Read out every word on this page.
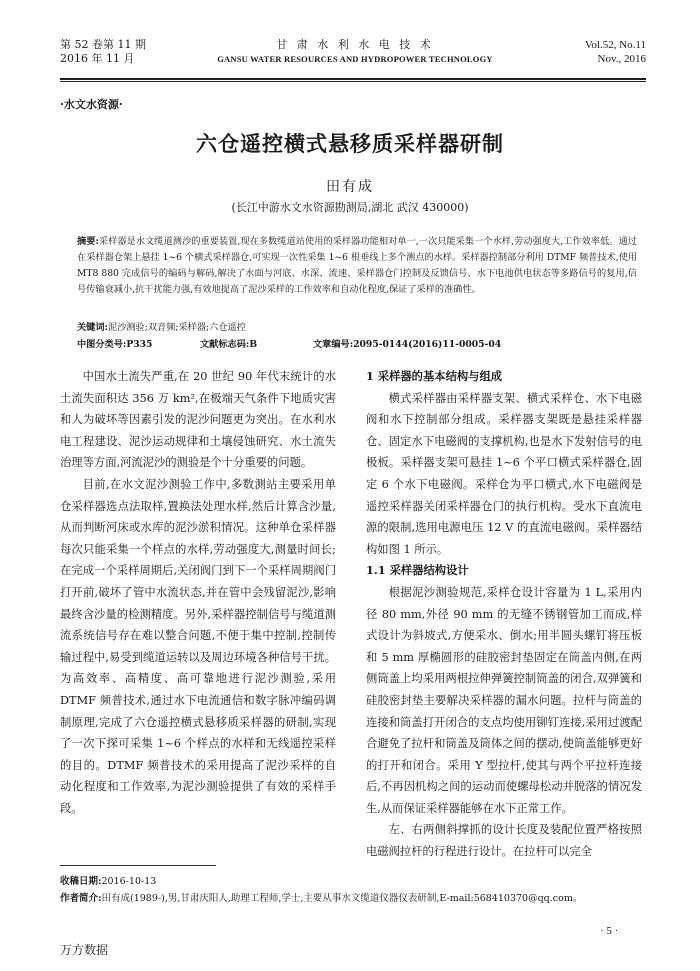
第 52 卷第 11 期
2016 年 11 月
甘 肃 水 利 水 电 技 术
GANSU WATER RESOURCES AND HYDROPOWER TECHNOLOGY
Vol.52, No.11
Nov., 2016
·水文水资源·
六仓遥控横式悬移质采样器研制
田有成
(长江中游水文水资源勘测局,湖北 武汉 430000)
摘要:采样器是水文缆道测沙的重要装置,现在多数缆道站使用的采样器功能相对单一,一次只能采集一个水样,劳动强度大,工作效率低。通过在采样器仓架上悬挂 1~6 个横式采样器仓,可实现一次性采集 1~6 根垂线上多个测点的水样。采样器控制部分利用 DTMF 频普技术,使用 MT8 880 完成信号的编码与解码,解决了水面与河底、水深、流速、采样器仓门控制及反馈信号、水下电池供电状态等多路信号的复用,信号传输衰减小,抗干扰能力强,有效地提高了泥沙采样的工作效率和自动化程度,保证了采样的准确性。
关键词:泥沙测验;双音频;采样器;六仓遥控
中图分类号:P335	文献标志码:B	文章编号:2095-0144(2016)11-0005-04

中国水土流失严重,在 20 世纪 90 年代末统计的水土流失面积达 356 万 km²,在极端天气条件下地质灾害和人为破坏等因素引发的泥沙问题更为突出。在水利水电工程建设、泥沙运动规律和土壤侵蚀研究、水土流失治理等方面,河流泥沙的测验是个十分重要的问题。

目前,在水文泥沙测验工作中,多数测站主要采用单仓采样器选点法取样,置换法处理水样,然后计算含沙量,从而判断河床或水库的泥沙淤积情况。这种单仓采样器每次只能采集一个样点的水样,劳动强度大,测量时间长;在完成一个采样周期后,关闭阀门到下一个采样周期阀门打开前,破坏了管中水流状态,并在管中会残留泥沙,影响最终含沙量的检测精度。另外,采样器控制信号与缆道测流系统信号存在难以整合问题,不便于集中控制,控制传输过程中,易受到缆道运转以及周边环境各种信号干扰。为高效率、高精度、高可靠地进行泥沙测验,采用 DTMF 频普技术,通过水下电流通信和数字脉冲编码调制原理,完成了六仓遥控横式悬移质采样器的研制,实现了一次下探可采集 1~6 个样点的水样和无线遥控采样的目的。DTMF 频普技术的采用提高了泥沙采样的自动化程度和工作效率,为泥沙测验提供了有效的采样手段。

1 采样器的基本结构与组成

横式采样器由采样器支架、横式采样仓、水下电磁阀和水下控制部分组成。采样器支架既是悬挂采样器仓、固定水下电磁阀的支撑机构,也是水下发射信号的电极板。采样器支架可悬挂 1~6 个平口横式采样器仓,固定 6 个水下电磁阀。采样仓为平口横式,水下电磁阀是遥控采样器关闭采样器仓门的执行机构。受水下直流电源的限制,选用电源电压 12 V 的直流电磁阀。采样器结构如图 1 所示。

1.1 采样器结构设计

根据泥沙测验规范,采样仓设计容量为 1 L,采用内径 80 mm,外径 90 mm 的无缝不锈钢管加工而成,样式设计为斜坡式,方便采水、倒水;用半圆头螺钉将压板和 5 mm 厚椭圆形的硅胶密封垫固定在筒盖内侧,在两侧筒盖上均采用两根拉伸弹簧控制筒盖的闭合,双弹簧和硅胶密封垫主要解决采样器的漏水问题。拉杆与筒盖的连接和筒盖打开闭合的支点均使用铆钉连接,采用过渡配合避免了拉杆和筒盖及筒体之间的摆动,使筒盖能够更好的打开和闭合。采用 Y 型拉杆,使其与两个平拉杆连接后,不再因机构之间的运动而使螺母松动并脱落的情况发生,从而保证采样器能够在水下正常工作。

左、右两侧斜撑抓的设计长度及装配位置严格按照电磁阀拉杆的行程进行设计。在拉杆可以完全

收稿日期:2016-10-13
作者简介:田有成(1989-),男,甘肃庆阳人,助理工程师,学士,主要从事水文缆道仪器仪表研制,E-mail:568410370@qq.com。
· 5 ·
万方数据
